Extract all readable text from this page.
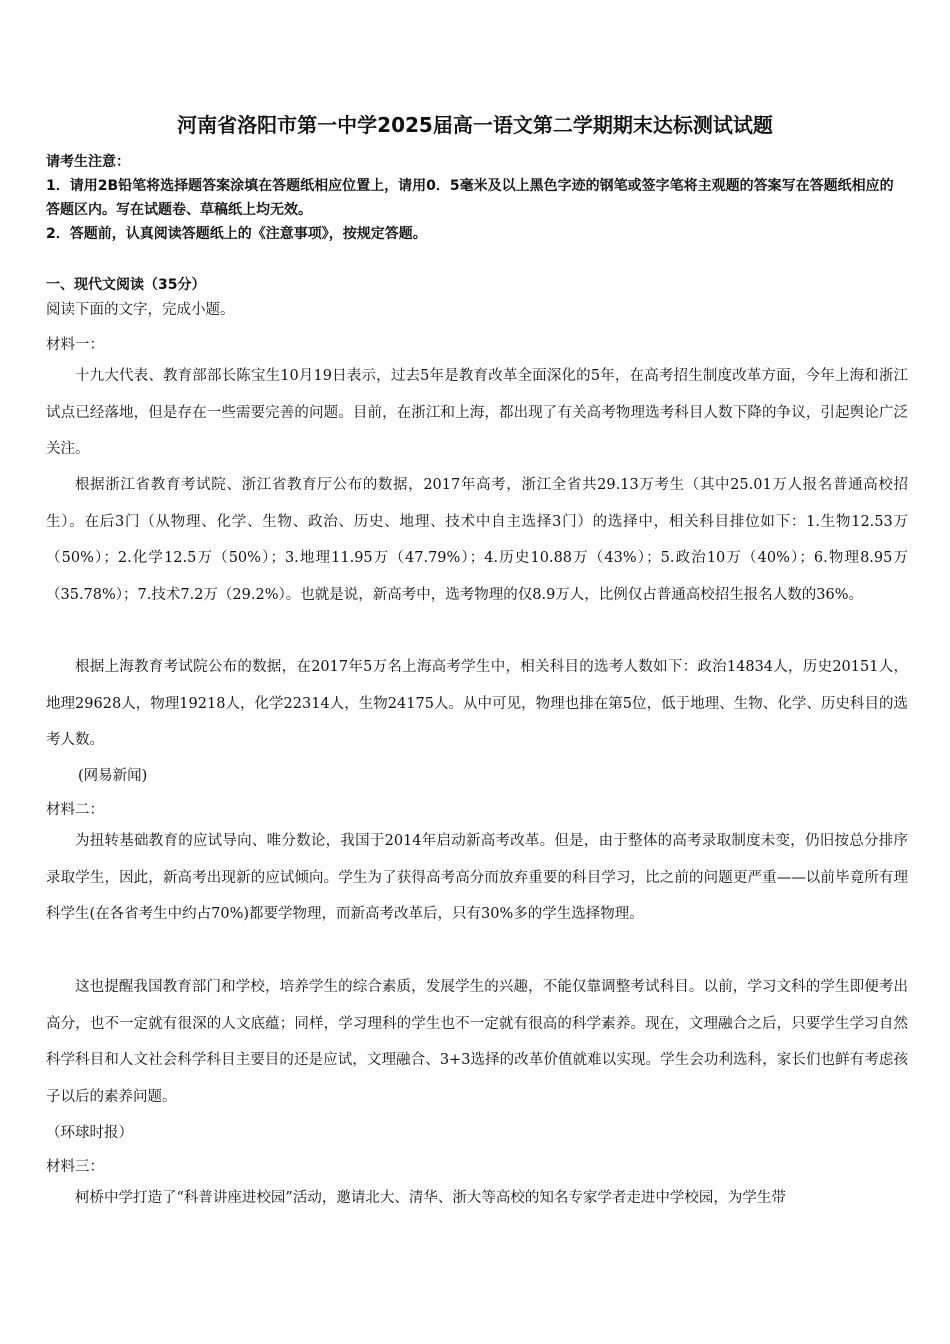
河南省洛阳市第一中学2025届高一语文第二学期期末达标测试试题
请考生注意：
1．请用2B铅笔将选择题答案涂填在答题纸相应位置上，请用0．5毫米及以上黑色字迹的钢笔或签字笔将主观题的答案写在答题纸相应的答题区内。写在试题卷、草稿纸上均无效。
2．答题前，认真阅读答题纸上的《注意事项》，按规定答题。
一、现代文阅读（35分）
阅读下面的文字，完成小题。
材料一：
十九大代表、教育部部长陈宝生10月19日表示，过去5年是教育改革全面深化的5年，在高考招生制度改革方面，今年上海和浙江试点已经落地，但是存在一些需要完善的问题。目前，在浙江和上海，都出现了有关高考物理选考科目人数下降的争议，引起舆论广泛关注。
根据浙江省教育考试院、浙江省教育厅公布的数据，2017年高考，浙江全省共29.13万考生（其中25.01万人报名普通高校招生）。在后3门（从物理、化学、生物、政治、历史、地理、技术中自主选择3门）的选择中，相关科目排位如下：1.生物12.53万（50%）；2.化学12.5万（50%）；3.地理11.95万（47.79%）；4.历史10.88万（43%）；5.政治10万（40%）；6.物理8.95万（35.78%）；7.技术7.2万（29.2%）。也就是说，新高考中，选考物理的仅8.9万人，比例仅占普通高校招生报名人数的36%。
根据上海教育考试院公布的数据，在2017年5万名上海高考学生中，相关科目的选考人数如下：政治14834人，历史20151人，地理29628人，物理19218人，化学22314人，生物24175人。从中可见，物理也排在第5位，低于地理、生物、化学、历史科目的选考人数。
(网易新闻)
材料二：
为扭转基础教育的应试导向、唯分数论，我国于2014年启动新高考改革。但是，由于整体的高考录取制度未变，仍旧按总分排序录取学生，因此，新高考出现新的应试倾向。学生为了获得高考高分而放弃重要的科目学习，比之前的问题更严重——以前毕竟所有理科学生(在各省考生中约占70%)都要学物理，而新高考改革后，只有30%多的学生选择物理。
这也提醒我国教育部门和学校，培养学生的综合素质，发展学生的兴趣，不能仅靠调整考试科目。以前，学习文科的学生即便考出高分，也不一定就有很深的人文底蕴；同样，学习理科的学生也不一定就有很高的科学素养。现在，文理融合之后，只要学生学习自然科学科目和人文社会科学科目主要目的还是应试，文理融合、3+3选择的改革价值就难以实现。学生会功利选科，家长们也鲜有考虑孩子以后的素养问题。
（环球时报）
材料三：
柯桥中学打造了“科普讲座进校园”活动，邀请北大、清华、浙大等高校的知名专家学者走进中学校园，为学生带
